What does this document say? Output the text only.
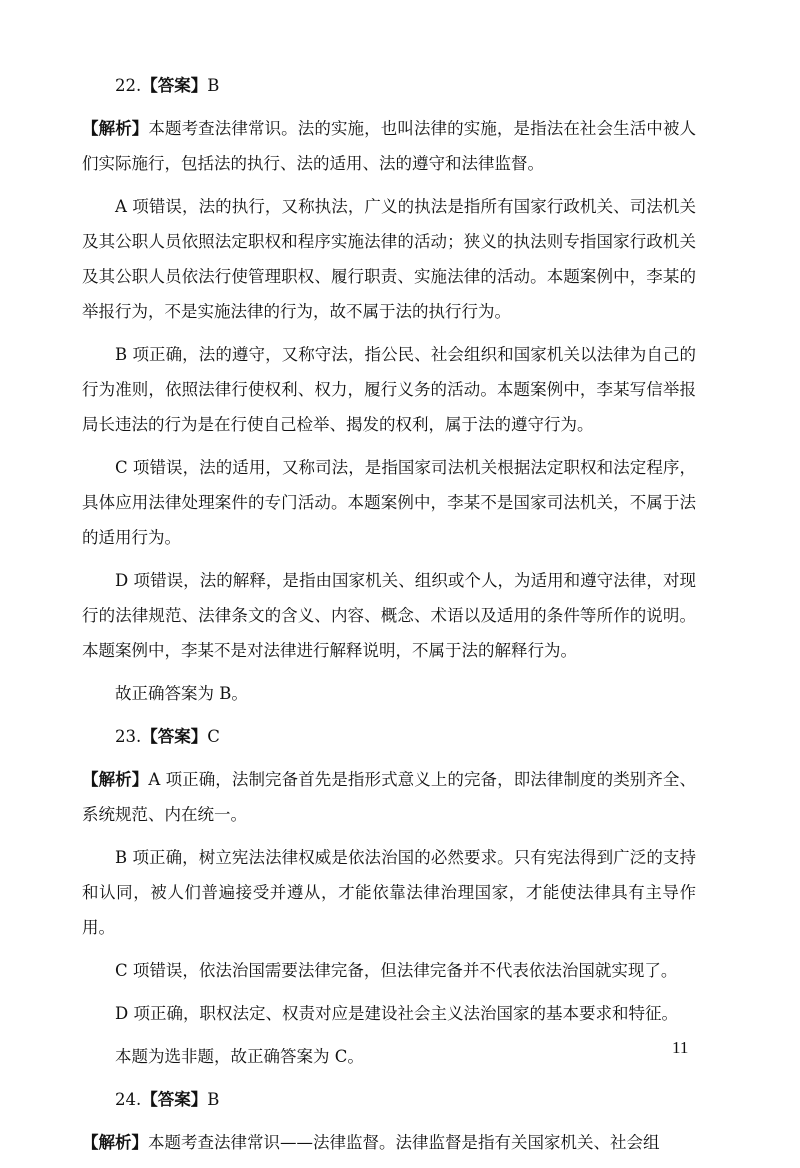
22.【答案】B

【解析】本题考查法律常识。法的实施，也叫法律的实施，是指法在社会生活中被人们实际施行，包括法的执行、法的适用、法的遵守和法律监督。

A 项错误，法的执行，又称执法，广义的执法是指所有国家行政机关、司法机关及其公职人员依照法定职权和程序实施法律的活动；狭义的执法则专指国家行政机关及其公职人员依法行使管理职权、履行职责、实施法律的活动。本题案例中，李某的举报行为，不是实施法律的行为，故不属于法的执行行为。

B 项正确，法的遵守，又称守法，指公民、社会组织和国家机关以法律为自己的行为准则，依照法律行使权利、权力，履行义务的活动。本题案例中，李某写信举报局长违法的行为是在行使自己检举、揭发的权利，属于法的遵守行为。

C 项错误，法的适用，又称司法，是指国家司法机关根据法定职权和法定程序，具体应用法律处理案件的专门活动。本题案例中，李某不是国家司法机关，不属于法的适用行为。

D 项错误，法的解释，是指由国家机关、组织或个人，为适用和遵守法律，对现行的法律规范、法律条文的含义、内容、概念、术语以及适用的条件等所作的说明。本题案例中，李某不是对法律进行解释说明，不属于法的解释行为。

故正确答案为 B。

23.【答案】C

【解析】A 项正确，法制完备首先是指形式意义上的完备，即法律制度的类别齐全、系统规范、内在统一。

B 项正确，树立宪法法律权威是依法治国的必然要求。只有宪法得到广泛的支持和认同，被人们普遍接受并遵从，才能依靠法律治理国家，才能使法律具有主导作用。

C 项错误，依法治国需要法律完备，但法律完备并不代表依法治国就实现了。

D 项正确，职权法定、权责对应是建设社会主义法治国家的基本要求和特征。

本题为选非题，故正确答案为 C。

24.【答案】B

【解析】本题考查法律常识——法律监督。法律监督是指有关国家机关、社会组

11
